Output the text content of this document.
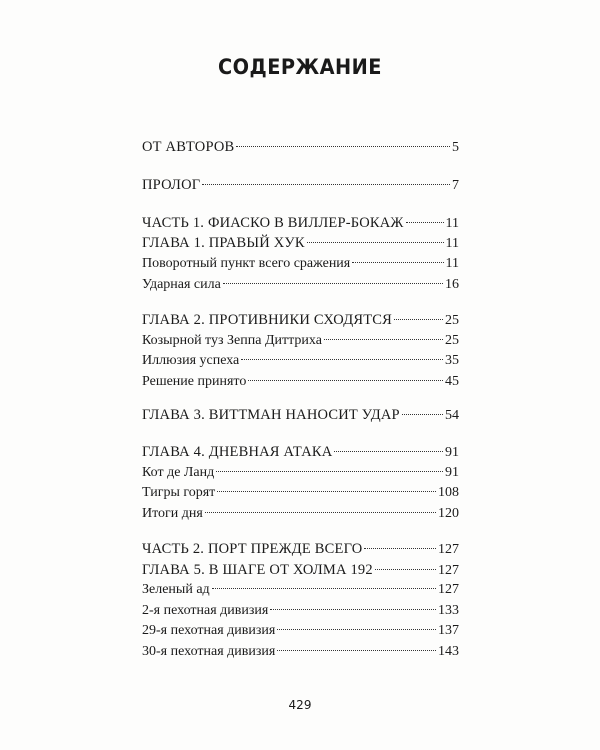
СОДЕРЖАНИЕ
ОТ АВТОРОВ	5
ПРОЛОГ	7
ЧАСТЬ 1. ФИАСКО В ВИЛЛЕР-БОКАЖ	11
ГЛАВА 1. ПРАВЫЙ ХУК	11
Поворотный пункт всего сражения	11
Ударная сила	16
ГЛАВА 2. ПРОТИВНИКИ СХОДЯТСЯ	25
Козырной туз Зеппа Диттриха	25
Иллюзия успеха	35
Решение принято	45
ГЛАВА 3. ВИТТМАН НАНОСИТ УДАР	54
ГЛАВА 4. ДНЕВНАЯ АТАКА	91
Кот де Ланд	91
Тигры горят	108
Итоги дня	120
ЧАСТЬ 2. ПОРТ ПРЕЖДЕ ВСЕГО	127
ГЛАВА 5. В ШАГЕ ОТ ХОЛМА 192	127
Зеленый ад	127
2-я пехотная дивизия	133
29-я пехотная дивизия	137
30-я пехотная дивизия	143
429
